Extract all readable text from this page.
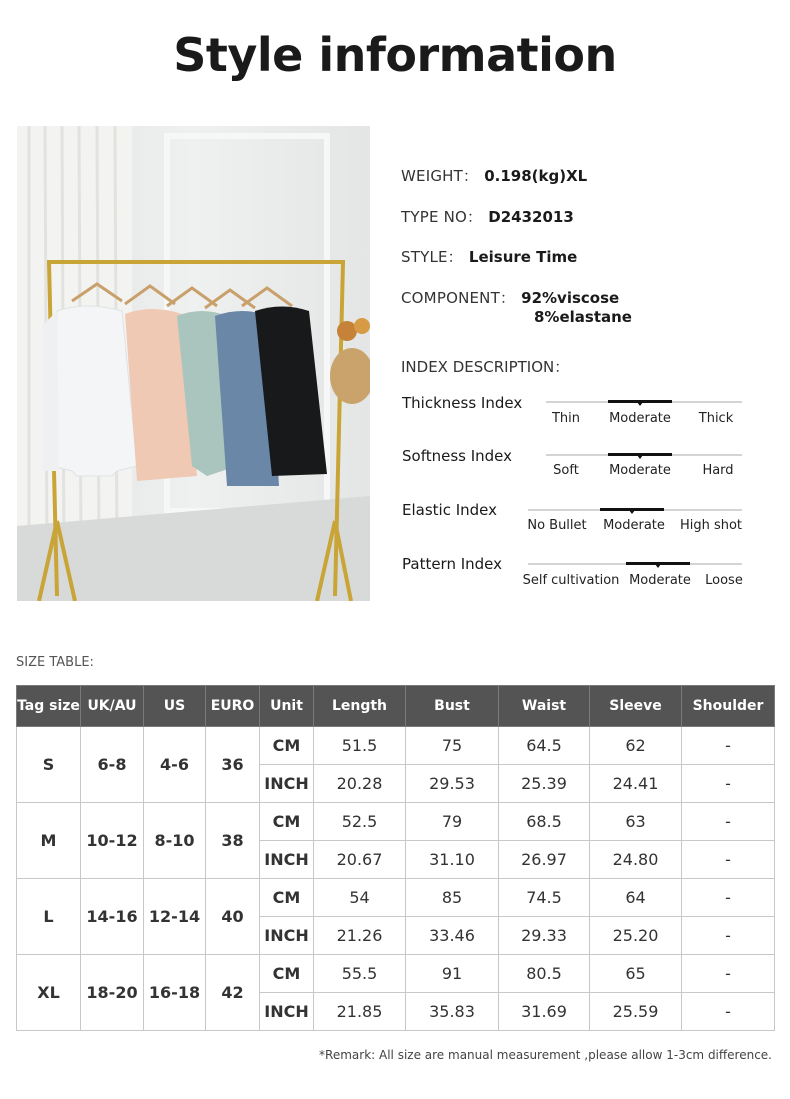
Style information
WEIGHT： 0.198(kg)XL
TYPE NO： D2432013
STYLE： Leisure Time
COMPONENT： 92%viscose
8%elastane
INDEX DESCRIPTION：
Thickness Index
Thin	Moderate	Thick
Softness Index
Soft	Moderate	Hard
Elastic Index
No Bullet	Moderate	High shot
Pattern Index
Self cultivation Moderate	Loose
SIZE TABLE:
Tag size	UK/AU	US	EURO	Unit	Length	Bust	Waist	Sleeve	Shoulder
S	6-8	4-6	36	CM	51.5	75	64.5	62	-
				INCH	20.28	29.53	25.39	24.41	-
M	10-12	8-10	38	CM	52.5	79	68.5	63	-
				INCH	20.67	31.10	26.97	24.80	-
L	14-16	12-14	40	CM	54	85	74.5	64	-
				INCH	21.26	33.46	29.33	25.20	-
XL	18-20	16-18	42	CM	55.5	91	80.5	65	-
				INCH	21.85	35.83	31.69	25.59	-
*Remark: All size are manual measurement ,please allow 1-3cm difference.
